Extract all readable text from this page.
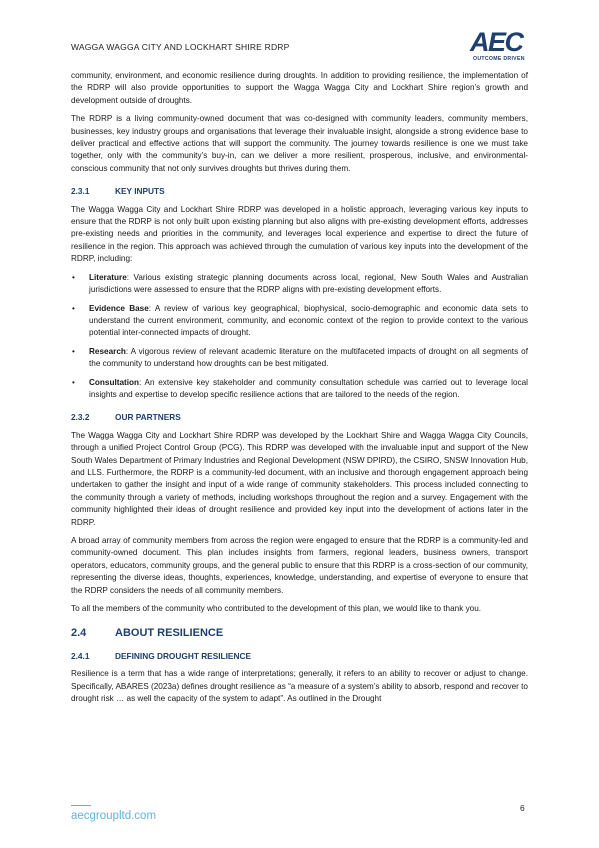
WAGGA WAGGA CITY AND LOCKHART SHIRE RDRP	AEC
OUTCOME DRIVEN

community, environment, and economic resilience during droughts. In addition to providing resilience, the implementation of the RDRP will also provide opportunities to support the Wagga Wagga City and Lockhart Shire region’s growth and development outside of droughts.

The RDRP is a living community-owned document that was co-designed with community leaders, community members, businesses, key industry groups and organisations that leverage their invaluable insight, alongside a strong evidence base to deliver practical and effective actions that will support the community. The journey towards resilience is one we must take together, only with the community’s buy-in, can we deliver a more resilient, prosperous, inclusive, and environmental-conscious community that not only survives droughts but thrives during them.

2.3.1	KEY INPUTS

The Wagga Wagga City and Lockhart Shire RDRP was developed in a holistic approach, leveraging various key inputs to ensure that the RDRP is not only built upon existing planning but also aligns with pre-existing development efforts, addresses pre-existing needs and priorities in the community, and leverages local experience and expertise to direct the future of resilience in the region. This approach was achieved through the cumulation of various key inputs into the development of the RDRP, including:

• Literature: Various existing strategic planning documents across local, regional, New South Wales and Australian jurisdictions were assessed to ensure that the RDRP aligns with pre-existing development efforts.
• Evidence Base: A review of various key geographical, biophysical, socio-demographic and economic data sets to understand the current environment, community, and economic context of the region to provide context to the various potential inter-connected impacts of drought.
• Research: A vigorous review of relevant academic literature on the multifaceted impacts of drought on all segments of the community to understand how droughts can be best mitigated.
• Consultation: An extensive key stakeholder and community consultation schedule was carried out to leverage local insights and expertise to develop specific resilience actions that are tailored to the needs of the region.
2.3.2	OUR PARTNERS

The Wagga Wagga City and Lockhart Shire RDRP was developed by the Lockhart Shire and Wagga Wagga City Councils, through a unified Project Control Group (PCG). This RDRP was developed with the invaluable input and support of the New South Wales Department of Primary Industries and Regional Development (NSW DPIRD), the CSIRO, SNSW Innovation Hub, and LLS. Furthermore, the RDRP is a community-led document, with an inclusive and thorough engagement approach being undertaken to gather the insight and input of a wide range of community stakeholders. This process included connecting to the community through a variety of methods, including workshops throughout the region and a survey. Engagement with the community highlighted their ideas of drought resilience and provided key input into the development of actions later in the RDRP.

A broad array of community members from across the region were engaged to ensure that the RDRP is a community-led and community-owned document. This plan includes insights from farmers, regional leaders, business owners, transport operators, educators, community groups, and the general public to ensure that this RDRP is a cross-section of our community, representing the diverse ideas, thoughts, experiences, knowledge, understanding, and expertise of everyone to ensure that the RDRP considers the needs of all community members.

To all the members of the community who contributed to the development of this plan, we would like to thank you.

2.4	ABOUT RESILIENCE
2.4.1	DEFINING DROUGHT RESILIENCE

Resilience is a term that has a wide range of interpretations; generally, it refers to an ability to recover or adjust to change. Specifically, ABARES (2023a) defines drought resilience as “a measure of a system’s ability to absorb, respond and recover to drought risk … as well the capacity of the system to adapt”. As outlined in the Drought

aecgroupltd.com
6
